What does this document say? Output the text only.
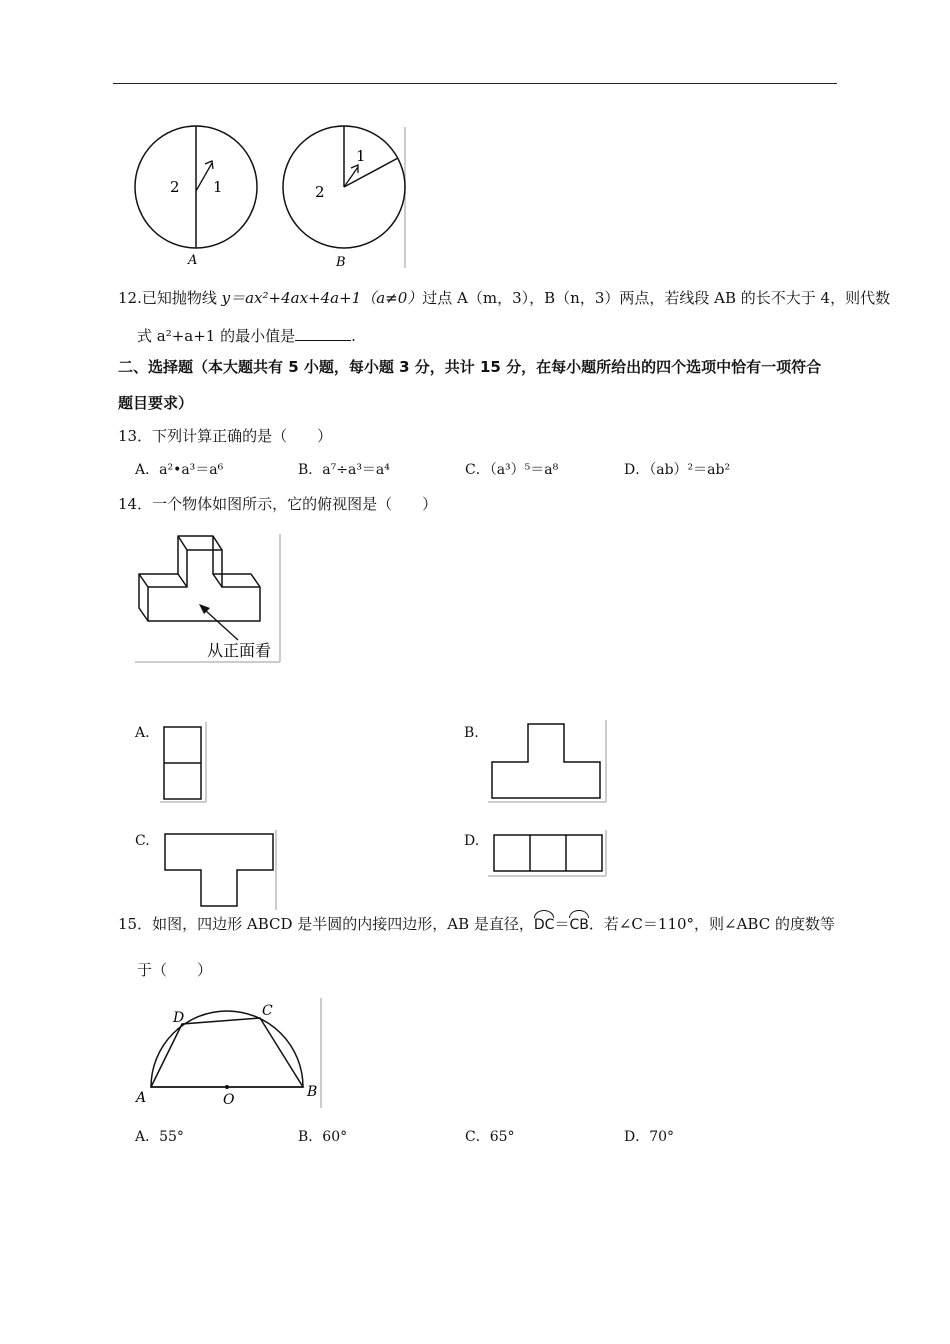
2 1
A
1
2
B
12.已知抛物线 y＝ax²+4ax+4a+1（a≠0）过点 A（m，3），B（n，3）两点，若线段 AB 的长不大于 4，则代数
式 a²+a+1 的最小值是	.
二、选择题（本大题共有 5 小题，每小题 3 分，共计 15 分，在每小题所给出的四个选项中恰有一项符合
题目要求）
13．下列计算正确的是（　　）
A．a²•a³＝a⁶	B．a⁷÷a³＝a⁴	C．（a³）⁵＝a⁸	D．（ab）²＝ab²
14．一个物体如图所示，它的俯视图是（　　）
从正面看
A.	B.
C.	D.
15．如图，四边形 ABCD 是半圆的内接四边形，AB 是直径，DC＝CB．若∠C＝110°，则∠ABC 的度数等
于（　　）
D	C
A	O	B
A．55°	B．60°	C．65°	D．70°
